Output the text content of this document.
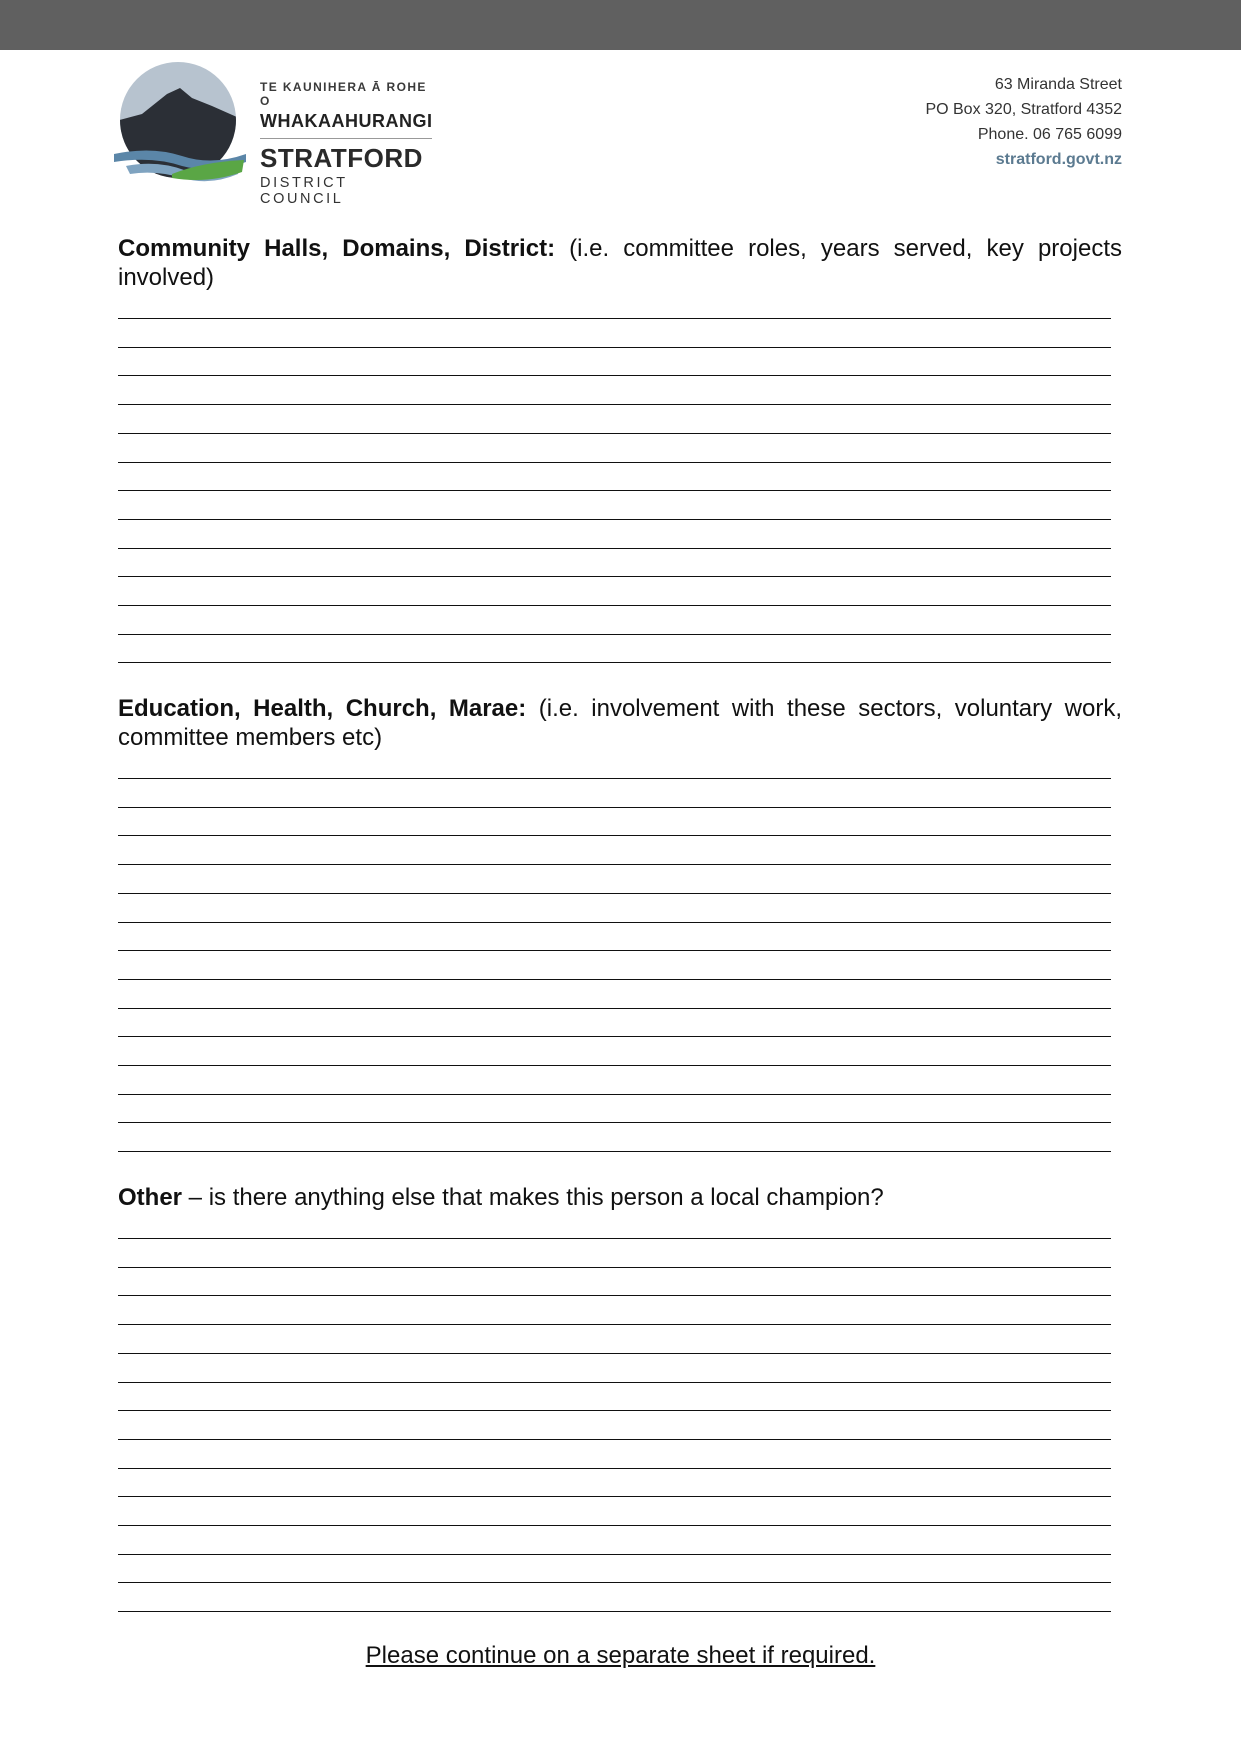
TE KAUNIHERA Ā ROHE O
WHAKAAHURANGI
STRATFORD
DISTRICT COUNCIL
63 Miranda Street
PO Box 320, Stratford 4352
Phone. 06 765 6099
stratford.govt.nz
Community Halls, Domains, District: (i.e. committee roles, years served, key projects involved)
Education, Health, Church, Marae: (i.e. involvement with these sectors, voluntary work, committee members etc)
Other – is there anything else that makes this person a local champion?
Please continue on a separate sheet if required.
